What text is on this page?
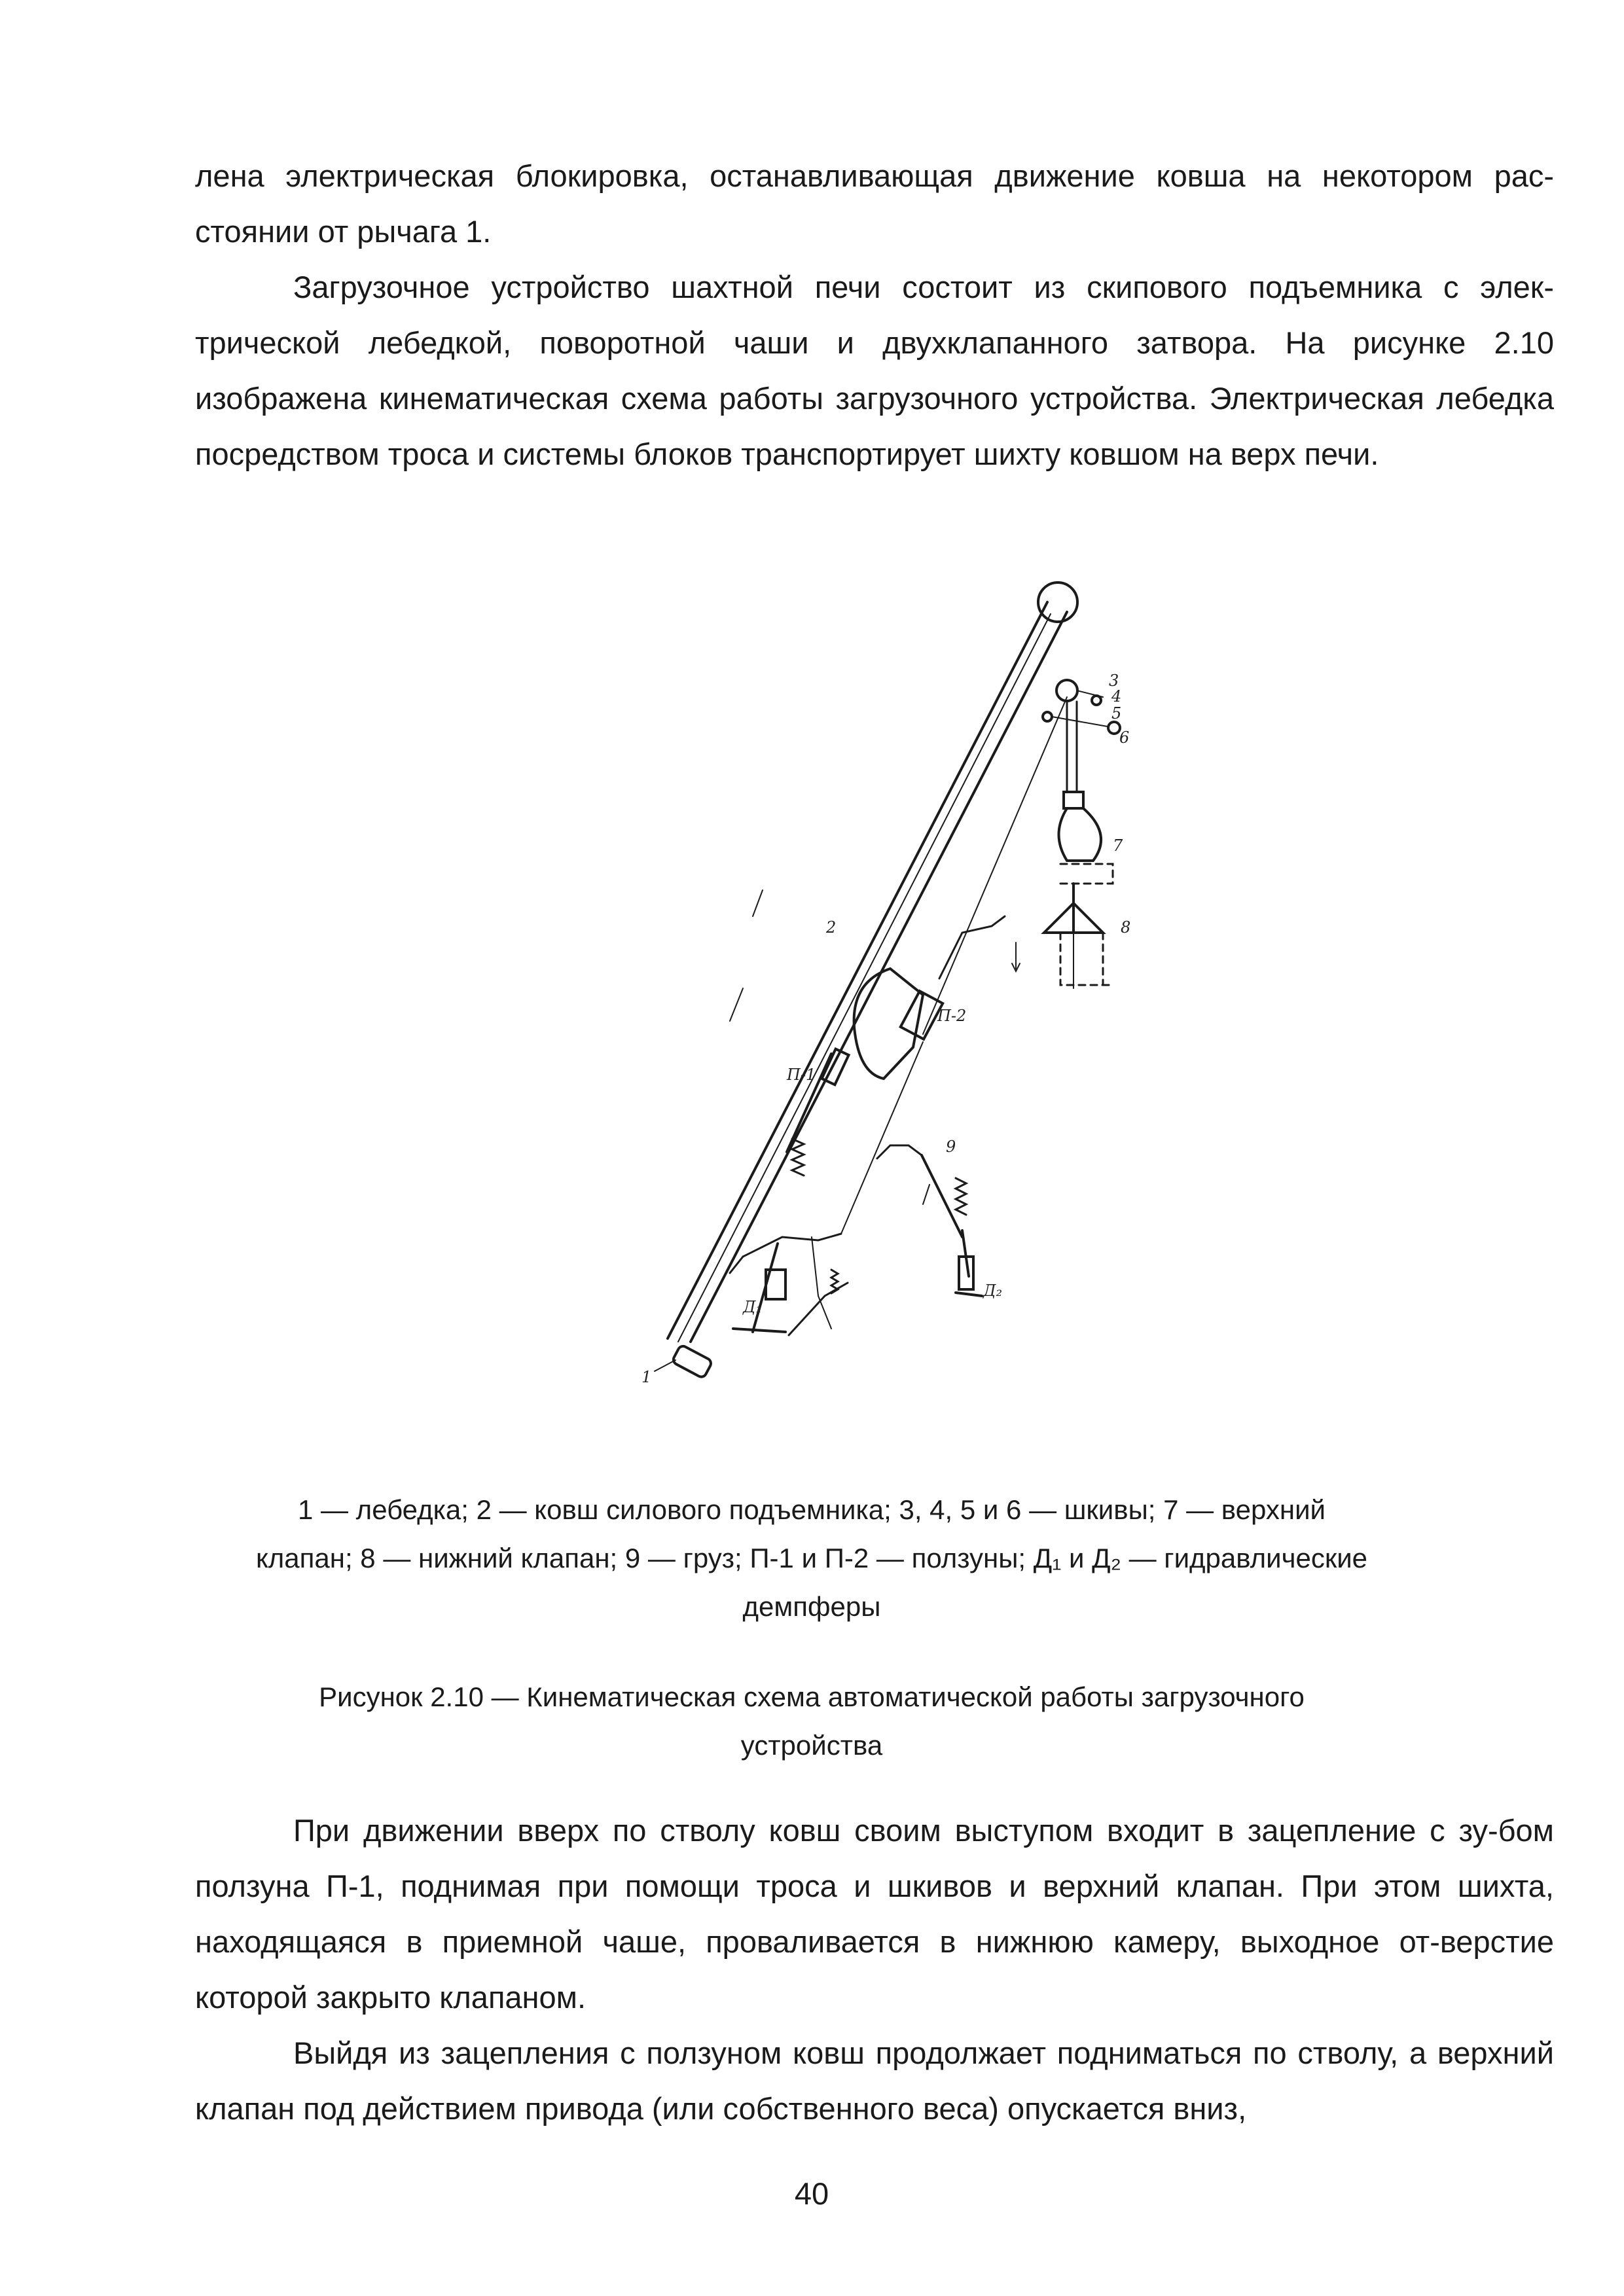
лена электрическая блокировка, останавливающая движение ковша на некотором рас-стоянии от рычага 1.

Загрузочное устройство шахтной печи состоит из скипового подъемника с элек-трической лебедкой, поворотной чаши и двухклапанного затвора. На рисунке 2.10 изображена кинематическая схема работы загрузочного устройства. Электрическая лебедка посредством троса и системы блоков транспортирует шихту ковшом на верх печи.

3
4
5
6
7
8
2
П-2
П-1
9
Д₂
Д₁
1

1 — лебедка; 2 — ковш силового подъемника; 3, 4, 5 и 6 — шкивы; 7 — верхний клапан; 8 — нижний клапан; 9 — груз; П-1 и П-2 — ползуны; Д₁ и Д₂ — гидравлические демпферы

Рисунок 2.10 — Кинематическая схема автоматической работы загрузочного устройства

При движении вверх по стволу ковш своим выступом входит в зацепление с зу-бом ползуна П-1, поднимая при помощи троса и шкивов и верхний клапан. При этом шихта, находящаяся в приемной чаше, проваливается в нижнюю камеру, выходное от-верстие которой закрыто клапаном.

Выйдя из зацепления с ползуном ковш продолжает подниматься по стволу, а верхний клапан под действием привода (или собственного веса) опускается вниз,

40
